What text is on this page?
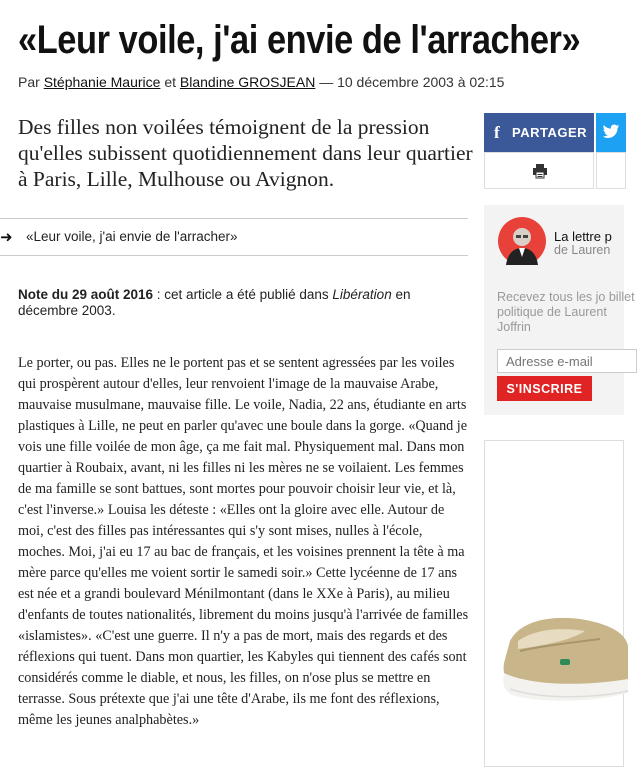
«Leur voile, j'ai envie de l'arracher»
Par Stéphanie Maurice et Blandine GROSJEAN — 10 décembre 2003 à 02:15

Des filles non voilées témoignent de la pression qu'elles subissent quotidiennement dans leur quartier à Paris, Lille, Mulhouse ou Avignon.

➜ «Leur voile, j'ai envie de l'arracher»

Note du 29 août 2016 : cet article a été publié dans Libération en décembre 2003.

Le porter, ou pas. Elles ne le portent pas et se sentent agressées par les voiles qui prospèrent autour d'elles, leur renvoient l'image de la mauvaise Arabe, mauvaise musulmane, mauvaise fille. Le voile, Nadia, 22 ans, étudiante en arts plastiques à Lille, ne peut en parler qu'avec une boule dans la gorge. «Quand je vois une fille voilée de mon âge, ça me fait mal. Physiquement mal. Dans mon quartier à Roubaix, avant, ni les filles ni les mères ne se voilaient. Les femmes de ma famille se sont battues, sont mortes pour pouvoir choisir leur vie, et là, c'est l'inverse.» Louisa les déteste : «Elles ont la gloire avec elle. Autour de moi, c'est des filles pas intéressantes qui s'y sont mises, nulles à l'école, moches. Moi, j'ai eu 17 au bac de français, et les voisines prennent la tête à ma mère parce qu'elles me voient sortir le samedi soir.» Cette lycéenne de 17 ans est née et a grandi boulevard Ménilmontant (dans le XXe à Paris), au milieu d'enfants de toutes nationalités, librement du moins jusqu'à l'arrivée de familles «islamistes». «C'est une guerre. Il n'y a pas de mort, mais des regards et des réflexions qui tuent. Dans mon quartier, les Kabyles qui tiennent des cafés sont considérés comme le diable, et nous, les filles, on n'ose plus se mettre en terrasse. Sous prétexte que j'ai une tête d'Arabe, ils me font des réflexions, même les jeunes analphabètes.»

f PARTAGER
La lettre p
de Lauren
Recevez tous les jo billet politique de Laurent Joffrin
Adresse e-mail
S'INSCRIRE
